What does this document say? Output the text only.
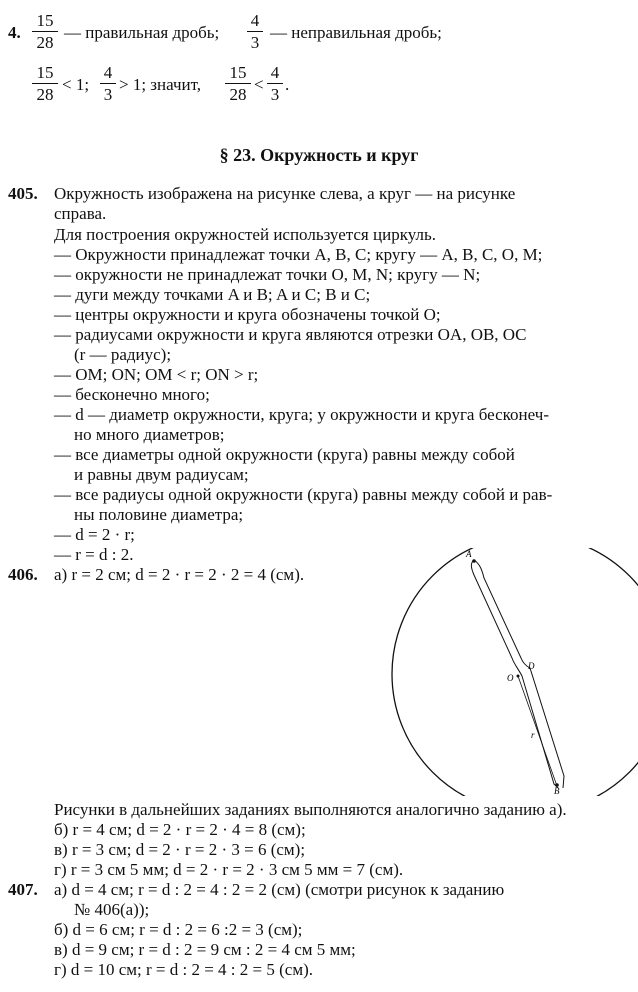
4.
15
28
— правильная дробь;
4
3
— неправильная дробь;
15
28
< 1;
4
3
> 1; значит,
15
28
<
4
3
.
§ 23. Окружность и круг
405. Окружность изображена на рисунке слева, а круг — на рисунке
справа.
Для построения окружностей используется циркуль.
— Окружности принадлежат точки A, B, C; кругу — A, B, C, O, M;
— окружности не принадлежат точки O, M, N; кругу — N;
— дуги между точками A и B; A и C; B и C;
— центры окружности и круга обозначены точкой O;
— радиусами окружности и круга являются отрезки OA, OB, OC
(r — радиус);
— OM; ON; OM < r; ON > r;
— бесконечно много;
— d — диаметр окружности, круга; у окружности и круга бесконеч-
но много диаметров;
— все диаметры одной окружности (круга) равны между собой
и равны двум радиусам;
— все радиусы одной окружности (круга) равны между собой и рав-
ны половине диаметра;
— d = 2 · r;
— r = d : 2.
406. а) r = 2 см; d = 2 · r = 2 · 2 = 4 (см).
A
O
D
r
B
Рисунки в дальнейших заданиях выполняются аналогично заданию а).
б) r = 4 см; d = 2 · r = 2 · 4 = 8 (см);
в) r = 3 см; d = 2 · r = 2 · 3 = 6 (см);
г) r = 3 см 5 мм; d = 2 · r = 2 · 3 см 5 мм = 7 (см).
407. а) d = 4 см; r = d : 2 = 4 : 2 = 2 (см) (смотри рисунок к заданию
№ 406(а));
б) d = 6 см; r = d : 2 = 6 :2 = 3 (см);
в) d = 9 см; r = d : 2 = 9 см : 2 = 4 см 5 мм;
г) d = 10 см; r = d : 2 = 4 : 2 = 5 (см).
